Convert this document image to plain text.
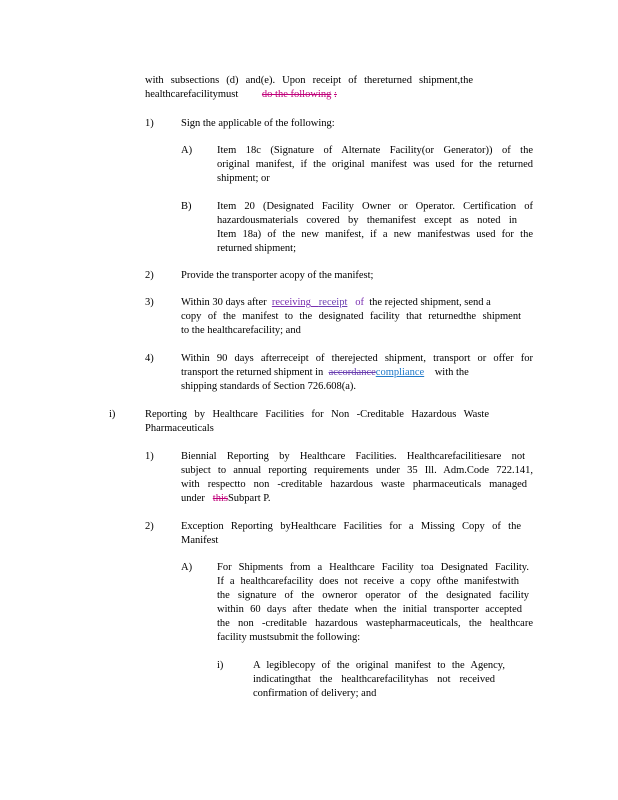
with subsections (d) and(e). Upon receipt of thereturned shipment,the
healthcarefacilitymust do the following :
1)	Sign the applicable of the following:
A) Item 18c (Signature of Alternate Facility(or Generator)) of the
original manifest, if the original manifest was used for the returned
shipment; or
B) Item 20 (Designated Facility Owner or Operator. Certification of
hazardousmaterials covered by themanifest except as noted in
Item 18a) of the new manifest, if a new manifestwas used for the
returned shipment;
2)	Provide the transporter acopy of the manifest;
3)	Within 30 days after receiving receipt of the rejected shipment, send a
copy of the manifest to the designated facility that returnedthe shipment
to the healthcarefacility; and
4)	Within 90 days afterreceipt of therejected shipment, transport or offer for
transport the returned shipment in accordancecompliance with the
shipping standards of Section 726.608(a).
i)	Reporting by Healthcare Facilities for Non -Creditable Hazardous Waste
Pharmaceuticals
1)	Biennial Reporting by Healthcare Facilities. Healthcarefacilitiesare not
subject to annual reporting requirements under 35 Ill. Adm.Code 722.141,
with respectto non -creditable hazardous waste pharmaceuticals managed
under thisSubpart P.
2)	Exception Reporting byHealthcare Facilities for a Missing Copy of the
Manifest
A) For Shipments from a Healthcare Facility toa Designated Facility.
If a healthcarefacility does not receive a copy ofthe manifestwith
the signature of the owneror operator of the designated facility
within 60 days after thedate when the initial transporter accepted
the non -creditable hazardous wastepharmaceuticals, the healthcare
facility mustsubmit the following:
i)	A legiblecopy of the original manifest to the Agency,
indicatingthat the healthcarefacilityhas not received
confirmation of delivery; and
